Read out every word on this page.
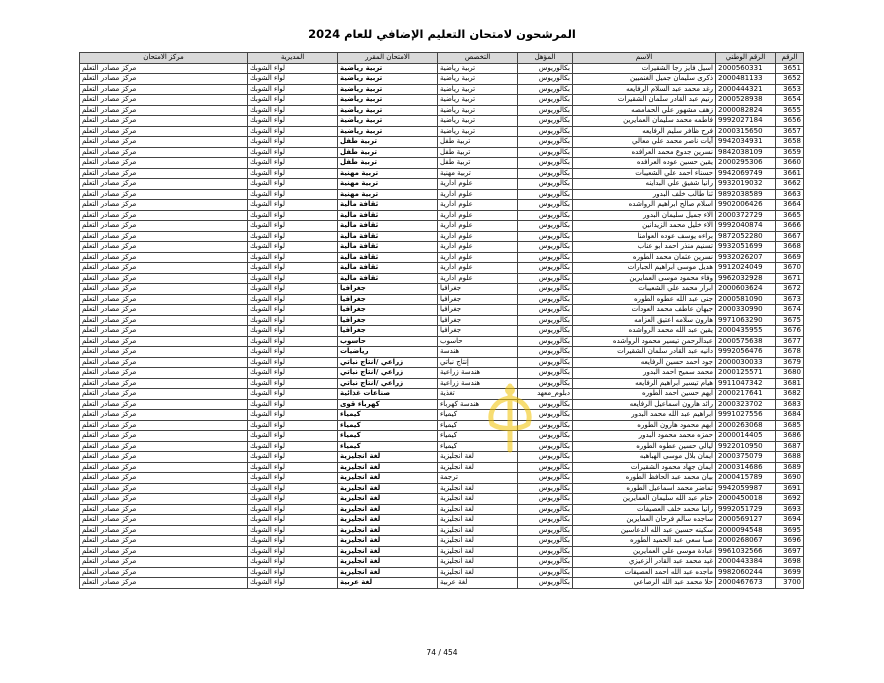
المرشحون لامتحان التعليم الإضافي للعام 2024
الرقم	الرقم الوطني	الاسم	المؤهل	التخصص	الامتحان المقرر	المديرية	مركز الامتحان
3651	2000560331	اسيل فايز رجا الشقيرات	بكالوريوس	تربية رياضية	تربية رياضية	لواء الشوبك	مركز مصادر التعلم
3652	2000481133	ذكرى سليمان جميل الغنميين	بكالوريوس	تربية رياضية	تربية رياضية	لواء الشوبك	مركز مصادر التعلم
3653	2000444321	رغد محمد عبد السلام الرفايعه	بكالوريوس	تربية رياضية	تربية رياضية	لواء الشوبك	مركز مصادر التعلم
3654	2000528938	رنيم عبد القادر سلمان الشقيرات	بكالوريوس	تربية رياضية	تربية رياضية	لواء الشوبك	مركز مصادر التعلم
3655	2000082824	زهف مشهور علي الحمامصه	بكالوريوس	تربية رياضية	تربية رياضية	لواء الشوبك	مركز مصادر التعلم
3656	9992027184	فاطمه محمد سليمان العمايرين	بكالوريوس	تربية رياضية	تربية رياضية	لواء الشوبك	مركز مصادر التعلم
3657	2000315650	فرح ظافر سليم الرفايعه	بكالوريوس	تربية رياضية	تربية رياضية	لواء الشوبك	مركز مصادر التعلم
3658	9942034931	آيات ناصر محمد علي معالي	بكالوريوس	تربية طفل	تربية طفل	لواء الشوبك	مركز مصادر التعلم
3659	9842038109	نسرين جدوع محمد العرافده	بكالوريوس	تربية طفل	تربية طفل	لواء الشوبك	مركز مصادر التعلم
3660	2000295306	يقين حسين عوده العرافده	بكالوريوس	تربية طفل	تربية طفل	لواء الشوبك	مركز مصادر التعلم
3661	9942069749	حسناء احمد علي الشعيبات	بكالوريوس	تربية مهنية	تربية مهنية	لواء الشوبك	مركز مصادر التعلم
3662	9932019032	رانيا شفيق علي البداينه	بكالوريوس	علوم ادارية	تربية مهنية	لواء الشوبك	مركز مصادر التعلم
3663	9892038589	ثنا طالب خلف البدور	بكالوريوس	علوم ادارية	تربية مهنية	لواء الشوبك	مركز مصادر التعلم
3664	9902006426	اسلام صالح ابراهيم الرواشده	بكالوريوس	علوم ادارية	ثقافة مالية	لواء الشوبك	مركز مصادر التعلم
3665	2000372729	الاء جميل سليمان البدور	بكالوريوس	علوم ادارية	ثقافة مالية	لواء الشوبك	مركز مصادر التعلم
3666	9992040874	الاء خليل محمد الزيدانين	بكالوريوس	علوم ادارية	ثقافة مالية	لواء الشوبك	مركز مصادر التعلم
3667	9872052280	براءه يوسف عوده العوامنا	بكالوريوس	علوم ادارية	ثقافة مالية	لواء الشوبك	مركز مصادر التعلم
3668	9932051699	تسنيم منذر احمد ابو عناب	بكالوريوس	علوم ادارية	ثقافة مالية	لواء الشوبك	مركز مصادر التعلم
3669	9932026207	نسرين عثمان محمد الطوره	بكالوريوس	علوم ادارية	ثقافة مالية	لواء الشوبك	مركز مصادر التعلم
3670	9912024049	هديل موسى ابراهيم الجبارات	بكالوريوس	علوم ادارية	ثقافة مالية	لواء الشوبك	مركز مصادر التعلم
3671	9962032928	وفاء محمود موسى العمايرين	بكالوريوس	علوم ادارية	ثقافة مالية	لواء الشوبك	مركز مصادر التعلم
3672	2000603624	ابرار محمد علي الشعيبات	بكالوريوس	جغرافيا	جغرافيا	لواء الشوبك	مركز مصادر التعلم
3673	2000581090	جنى عبد الله عطوه الطوره	بكالوريوس	جغرافيا	جغرافيا	لواء الشوبك	مركز مصادر التعلم
3674	2000330990	جيهان عاطف محمد العودات	بكالوريوس	جغرافيا	جغرافيا	لواء الشوبك	مركز مصادر التعلم
3675	9971063290	هارون سلامه اعتيق العزامه	بكالوريوس	جغرافيا	جغرافيا	لواء الشوبك	مركز مصادر التعلم
3676	2000435955	يقين عبد الله محمد الرواشده	بكالوريوس	جغرافيا	جغرافيا	لواء الشوبك	مركز مصادر التعلم
3677	2000575638	عبدالرحمن تيسير محمود الرواشده	بكالوريوس	حاسوب	حاسوب	لواء الشوبك	مركز مصادر التعلم
3678	9992056476	دانيه عبد القادر سلمان الشقيرات	بكالوريوس	هندسة	رياضيات	لواء الشوبك	مركز مصادر التعلم
3679	2000030033	جود احمد حسين الرفايعه	بكالوريوس	إنتاج نباتي	زراعي /انتاج نباتي	لواء الشوبك	مركز مصادر التعلم
3680	2000125571	محمد سميح احمد البدور	بكالوريوس	هندسة زراعية	زراعي /انتاج نباتي	لواء الشوبك	مركز مصادر التعلم
3681	9911047342	هيام تيسير ابراهيم الرفايعه	بكالوريوس	هندسة زراعية	زراعي /انتاج نباتي	لواء الشوبك	مركز مصادر التعلم
3682	2000217641	ايهم حسين احمد الطوره	دبلوم_معهد	تغذية	صناعات غذائية	لواء الشوبك	مركز مصادر التعلم
3683	2000323702	رائد هارون اسماعيل الرفايعه	بكالوريوس	هندسة كهرباء	كهرباء قوى	لواء الشوبك	مركز مصادر التعلم
3684	9991027556	ابراهيم عبد الله محمد البدور	بكالوريوس	كيمياء	كيمياء	لواء الشوبك	مركز مصادر التعلم
3685	2000263068	ابهم محمود هارون الطوره	بكالوريوس	كيمياء	كيمياء	لواء الشوبك	مركز مصادر التعلم
3686	2000014405	حمزه محمد محمود البدور	بكالوريوس	كيمياء	كيمياء	لواء الشوبك	مركز مصادر التعلم
3687	9922010950	ليالي حسين عطوه الطوره	بكالوريوس	كيمياء	كيمياء	لواء الشوبك	مركز مصادر التعلم
3688	2000375079	ايمان بلال موسى الهباهبه	بكالوريوس	لغة انجليزية	لغة انجليزية	لواء الشوبك	مركز مصادر التعلم
3689	2000314686	ايمان جهاد محمود الشقيرات	بكالوريوس	لغة انجليزية	لغة انجليزية	لواء الشوبك	مركز مصادر التعلم
3690	2000415789	بيان محمد عبد الحافظ الطوره	بكالوريوس	ترجمة	لغة انجليزية	لواء الشوبك	مركز مصادر التعلم
3691	9942059987	تماضر محمد اسماعيل الطوره	بكالوريوس	لغة انجليزية	لغة انجليزية	لواء الشوبك	مركز مصادر التعلم
3692	2000450018	ختام عبد الله سليمان العمايرين	بكالوريوس	لغة انجليزية	لغة انجليزية	لواء الشوبك	مركز مصادر التعلم
3693	9992051729	رانيا محمد خلف العصيفات	بكالوريوس	لغة انجليزية	لغة انجليزية	لواء الشوبك	مركز مصادر التعلم
3694	2000569127	ساجده سالم فرحان العمايرين	بكالوريوس	لغة انجليزية	لغة انجليزية	لواء الشوبك	مركز مصادر التعلم
3695	2000094548	سكينه حسين عبد الله الدعاسين	بكالوريوس	لغة انجليزية	لغة انجليزية	لواء الشوبك	مركز مصادر التعلم
3696	2000268067	صبا سعي عبد الحميد الطوره	بكالوريوس	لغة انجليزية	لغة انجليزية	لواء الشوبك	مركز مصادر التعلم
3697	9961032566	عبادة موسى علي العمايرين	بكالوريوس	لغة انجليزية	لغة انجليزية	لواء الشوبك	مركز مصادر التعلم
3698	2000443384	غيد محمد عبد القادر الزعيزي	بكالوريوس	لغة انجليزية	لغة انجليزية	لواء الشوبك	مركز مصادر التعلم
3699	9982060244	ماجده عبد الله احمد العصيفات	بكالوريوس	لغة انجليزية	لغة انجليزية	لواء الشوبك	مركز مصادر التعلم
3700	2000467673	حلا محمد عبد الله الرصاعي	بكالوريوس	لغة عربية	لغة عربية	لواء الشوبك	مركز مصادر التعلم
74 / 454
